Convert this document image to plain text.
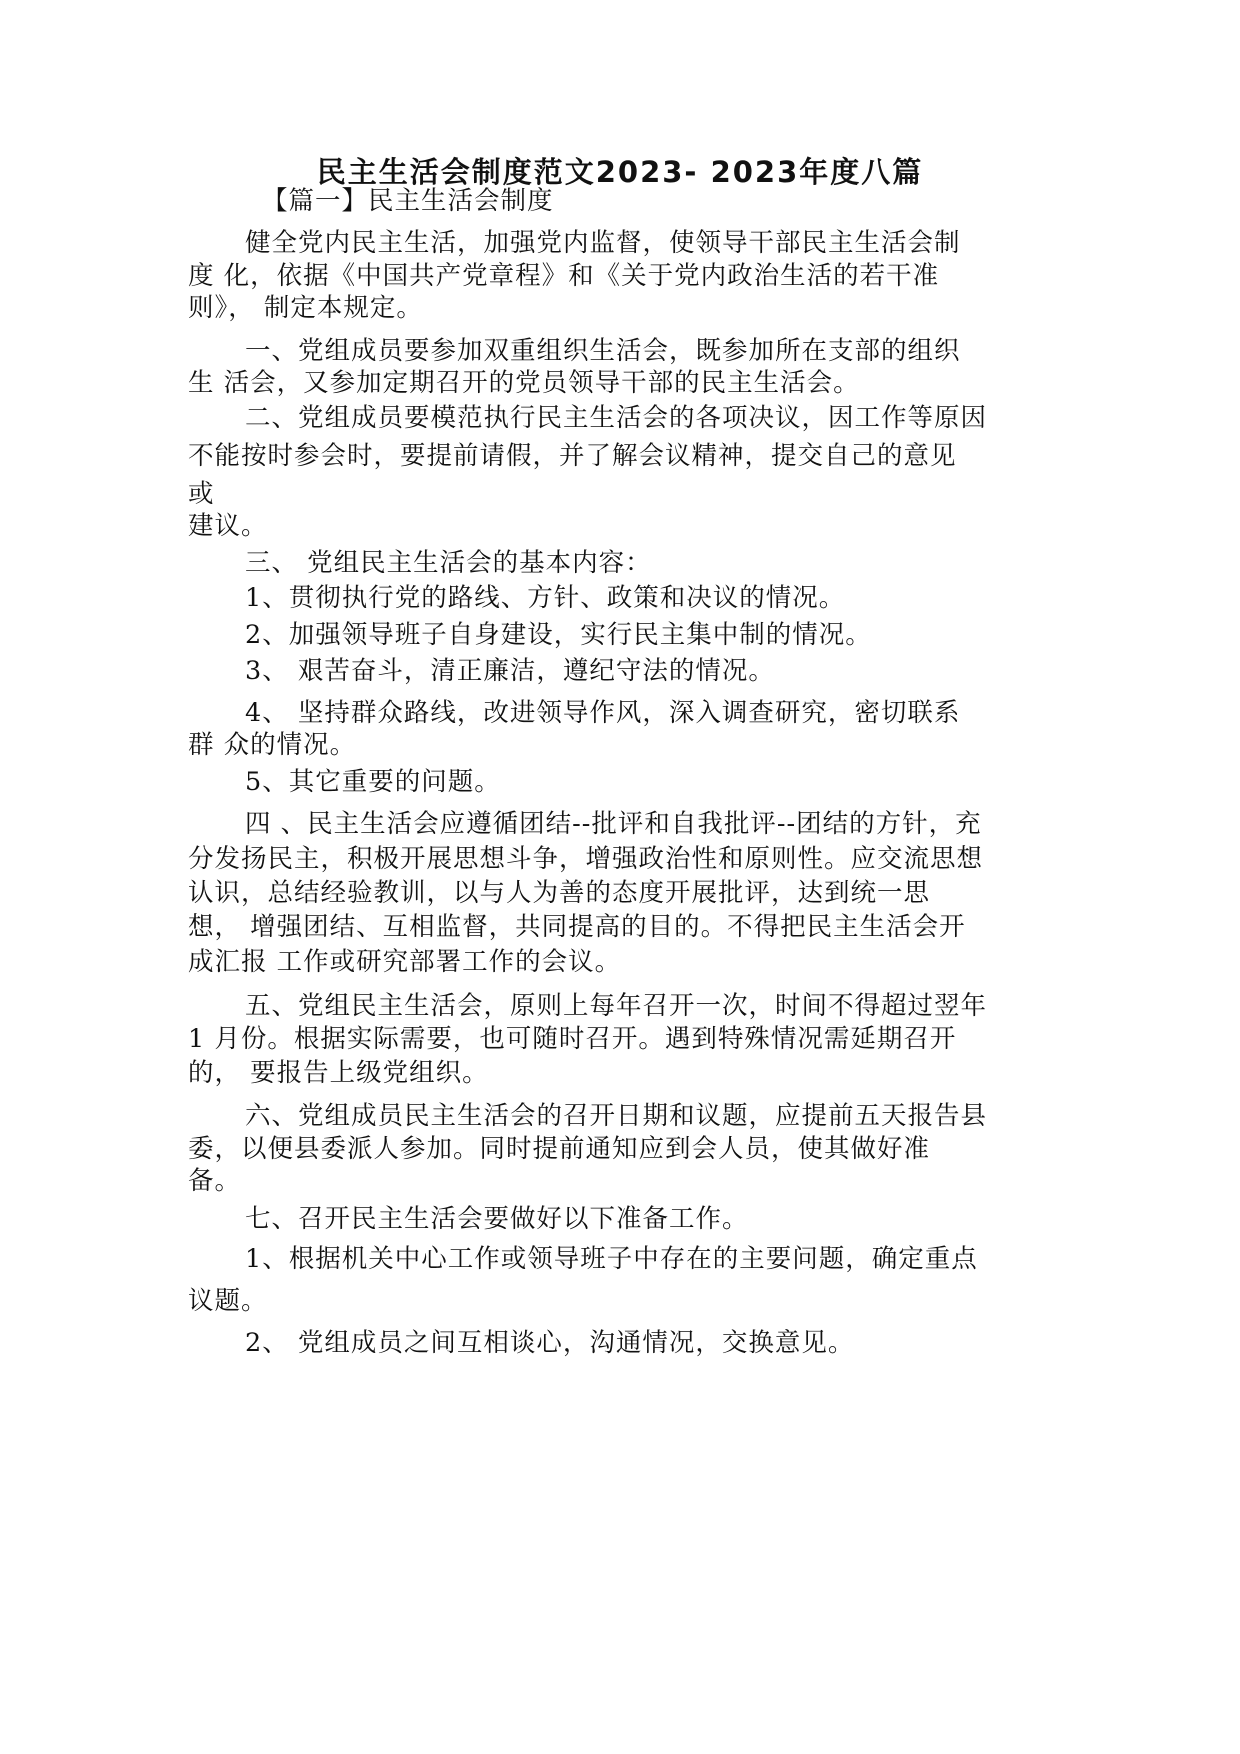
民主生活会制度范文2023- 2023年度八篇
【篇一】民主生活会制度
健全党内民主生活，加强党内监督，使领导干部民主生活会制
度 化，依据《中国共产党章程》和《关于党内政治生活的若干准
则》， 制定本规定。
一、党组成员要参加双重组织生活会，既参加所在支部的组织
生 活会，又参加定期召开的党员领导干部的民主生活会。
二、党组成员要模范执行民主生活会的各项决议，因工作等原因
不能按时参会时，要提前请假，并了解会议精神，提交自己的意见
或
建议。
三、 党组民主生活会的基本内容：
1、贯彻执行党的路线、方针、政策和决议的情况。
2、加强领导班子自身建设，实行民主集中制的情况。
3、 艰苦奋斗，清正廉洁，遵纪守法的情况。
4、 坚持群众路线，改进领导作风，深入调查研究，密切联系
群 众的情况。
5、其它重要的问题。
四 、民主生活会应遵循团结--批评和自我批评--团结的方针，充
分发扬民主，积极开展思想斗争，增强政治性和原则性。应交流思想
认识，总结经验教训，以与人为善的态度开展批评，达到统一思
想， 增强团结、互相监督，共同提高的目的。不得把民主生活会开
成汇报 工作或研究部署工作的会议。
五、党组民主生活会，原则上每年召开一次，时间不得超过翌年
1 月份。根据实际需要，也可随时召开。遇到特殊情况需延期召开
的， 要报告上级党组织。
六、党组成员民主生活会的召开日期和议题，应提前五天报告县
委，以便县委派人参加。同时提前通知应到会人员，使其做好准
备。
七、召开民主生活会要做好以下准备工作。
1、根据机关中心工作或领导班子中存在的主要问题，确定重点
议题。
2、 党组成员之间互相谈心，沟通情况，交换意见。
